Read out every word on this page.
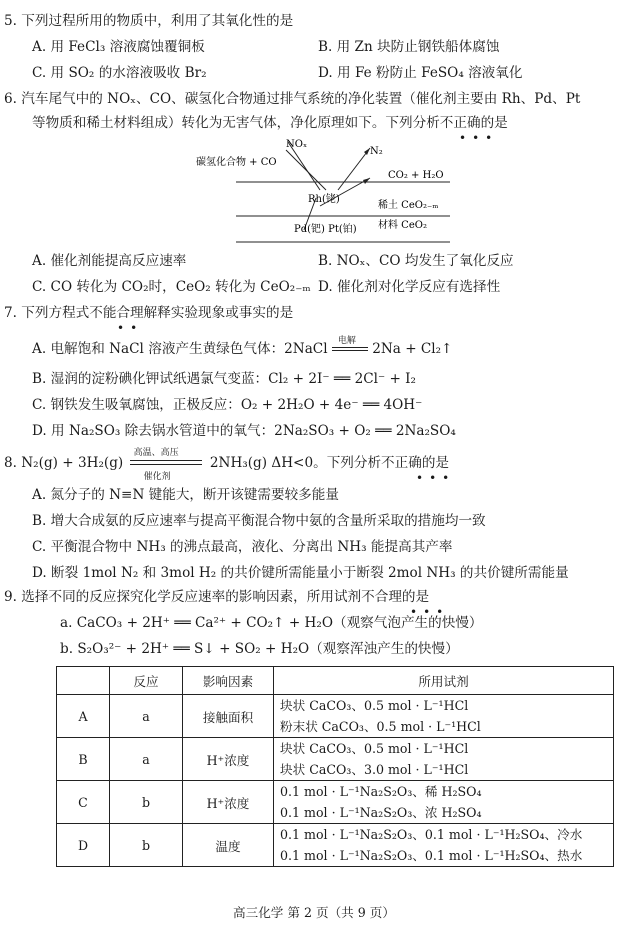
5. 下列过程所用的物质中，利用了其氧化性的是
A. 用 FeCl₃ 溶液腐蚀覆铜板	B. 用 Zn 块防止钢铁船体腐蚀
C. 用 SO₂ 的水溶液吸收 Br₂	D. 用 Fe 粉防止 FeSO₄ 溶液氧化
6. 汽车尾气中的 NOₓ、CO、碳氢化合物通过排气系统的净化装置（催化剂主要由 Rh、Pd、Pt
等物质和稀土材料组成）转化为无害气体，净化原理如下。下列分析不正确的是
•••
碳氢化合物 + CO
NOₓ
N₂
CO₂ + H₂O
Rh(铑)
稀土 CeO₂₋ₘ
材料 CeO₂
Pd(钯) Pt(铂)
A. 催化剂能提高反应速率	B. NOₓ、CO 均发生了氧化反应
C. CO 转化为 CO₂时，CeO₂ 转化为 CeO₂₋ₘ D. 催化剂对化学反应有选择性
7. 下列方程式不能合理解释实验现象或事实的是
••
A. 电解饱和 NaCl 溶液产生黄绿色气体：2NaCl 电解 2Na + Cl₂↑
B. 湿润的淀粉碘化钾试纸遇氯气变蓝：Cl₂ + 2I⁻ ══ 2Cl⁻ + I₂
C. 钢铁发生吸氧腐蚀，正极反应：O₂ + 2H₂O + 4e⁻ ══ 4OH⁻
D. 用 Na₂SO₃ 除去锅水管道中的氧气：2Na₂SO₃ + O₂ ══ 2Na₂SO₄
8. N₂(g) + 3H₂(g)
高温、高压
催化剂
2NH₃(g) ΔH<0。下列分析不正确的是
•••
A. 氮分子的 N≡N 键能大，断开该键需要较多能量
B. 增大合成氨的反应速率与提高平衡混合物中氨的含量所采取的措施均一致
C. 平衡混合物中 NH₃ 的沸点最高，液化、分离出 NH₃ 能提高其产率
D. 断裂 1mol N₂ 和 3mol H₂ 的共价键所需能量小于断裂 2mol NH₃ 的共价键所需能量
9. 选择不同的反应探究化学反应速率的影响因素，所用试剂不合理的是
•••
a. CaCO₃ + 2H⁺ ══ Ca²⁺ + CO₂↑ + H₂O（观察气泡产生的快慢）
b. S₂O₃²⁻ + 2H⁺ ══ S↓ + SO₂ + H₂O（观察浑浊产生的快慢）
	反应	影响因素	所用试剂
A	a	接触面积	块状 CaCO₃、0.5 mol · L⁻¹HCl
粉末状 CaCO₃、0.5 mol · L⁻¹HCl

B	a	H⁺浓度	块状 CaCO₃、0.5 mol · L⁻¹HCl
块状 CaCO₃、3.0 mol · L⁻¹HCl

C	b	H⁺浓度	0.1 mol · L⁻¹Na₂S₂O₃、稀 H₂SO₄
0.1 mol · L⁻¹Na₂S₂O₃、浓 H₂SO₄

D	b	温度	0.1 mol · L⁻¹Na₂S₂O₃、0.1 mol · L⁻¹H₂SO₄、冷水
0.1 mol · L⁻¹Na₂S₂O₃、0.1 mol · L⁻¹H₂SO₄、热水
高三化学 第 2 页（共 9 页）
